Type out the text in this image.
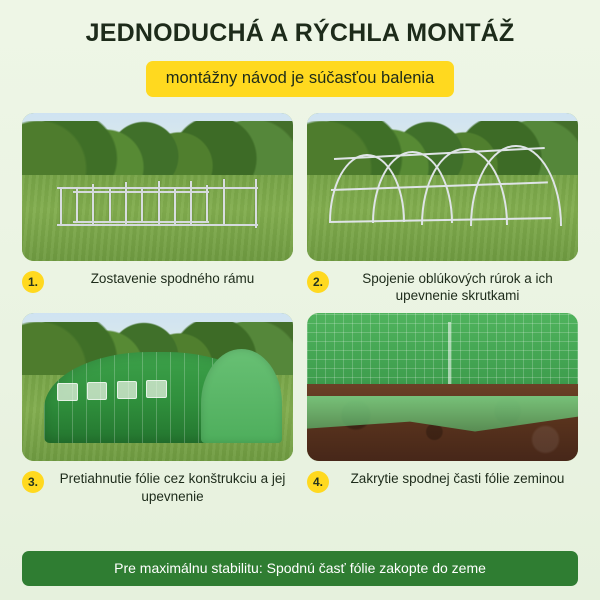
JEDNODUCHÁ A RÝCHLA MONTÁŽ
montážny návod je súčasťou balenia
1.	Zostavenie spodného rámu	2.	Spojenie oblúkových rúrok a ich upevnenie skrutkami
3.	Pretiahnutie fólie cez konštrukciu a jej upevnenie
4.	Zakrytie spodnej časti fólie zeminou
Pre maximálnu stabilitu: Spodnú časť fólie zakopte do zeme
